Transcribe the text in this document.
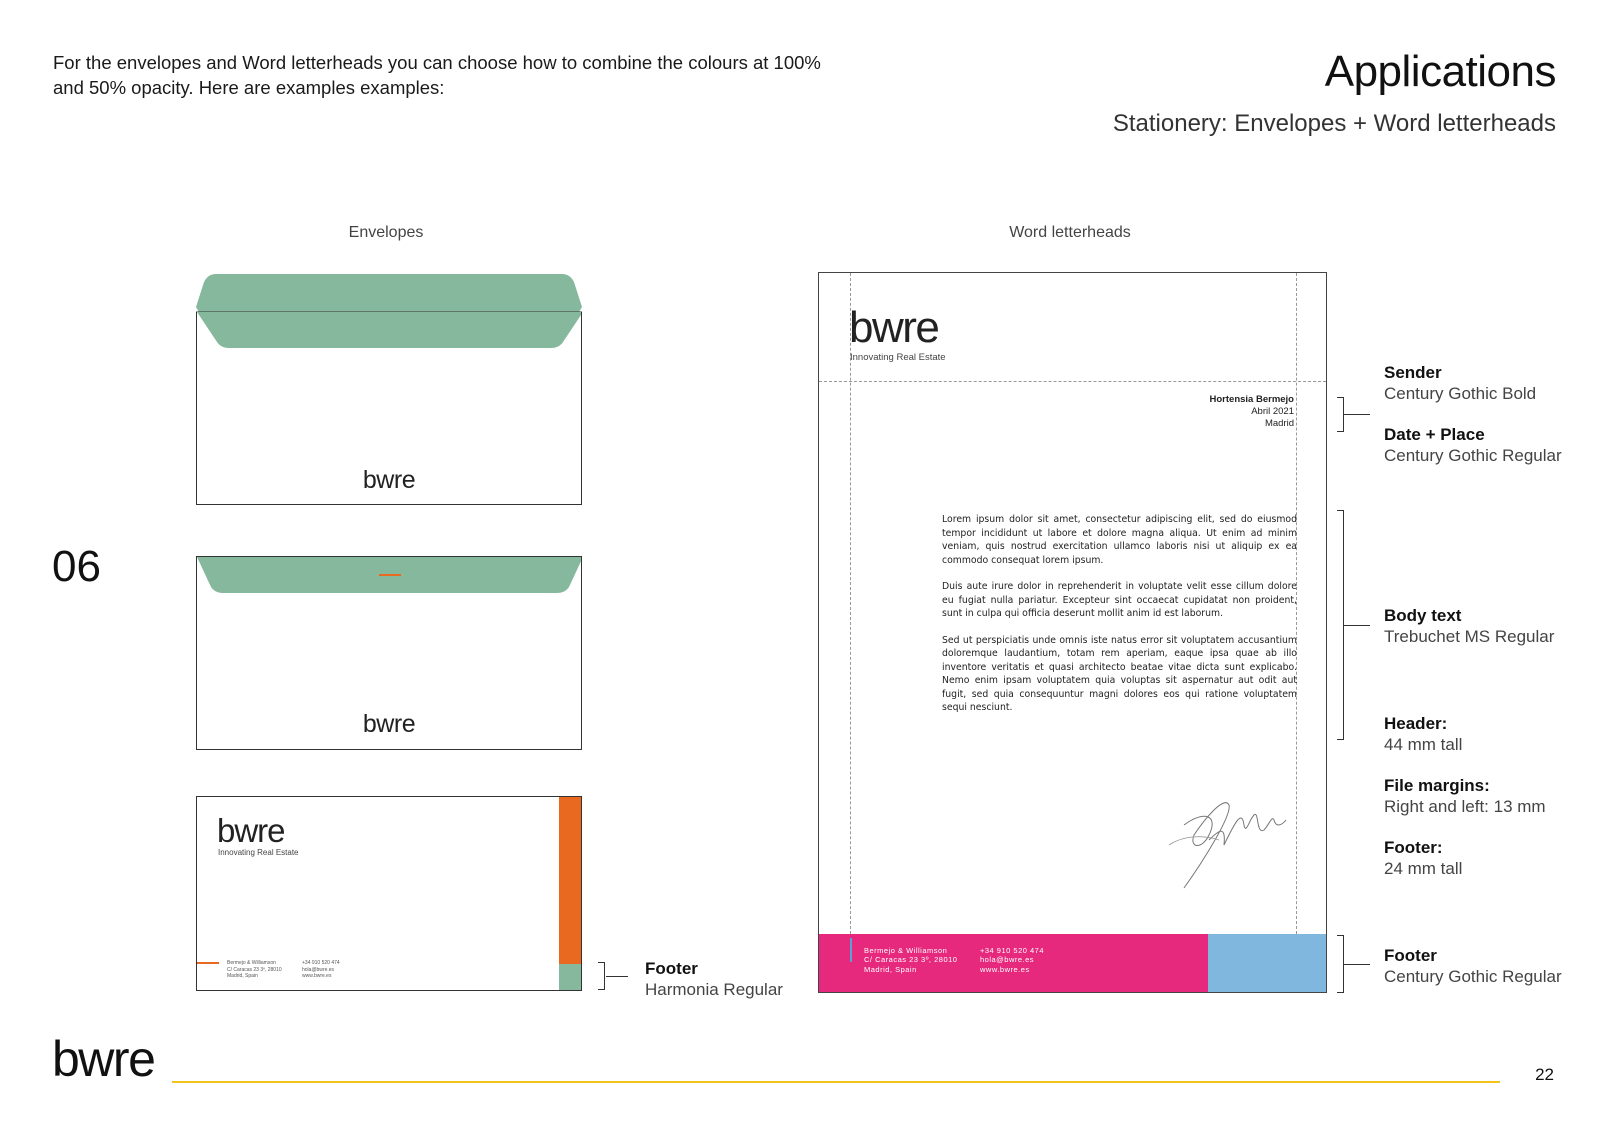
For the envelopes and Word letterheads you can choose how to combine the colours at 100% and 50% opacity. Here are examples examples:	Applications
Stationery: Envelopes + Word letterheads
06
Envelopes	Word letterheads
bwre
bwre
bwre
Innovating Real Estate
Bermejo & Williamson
C/ Caracas 23 3º, 28010
Madrid, Spain
+34 910 520 474
hola@bwre.es
www.bwre.es	Footer
Harmonia Regular
bwre
Innovating Real Estate
Hortensia Bermejo
Abril 2021
Madrid

Lorem ipsum dolor sit amet, consectetur adipiscing elit, sed do eiusmod tempor incididunt ut labore et dolore magna aliqua. Ut enim ad minim veniam, quis nostrud exercitation ullamco laboris nisi ut aliquip ex ea commodo consequat lorem ipsum.

Duis aute irure dolor in reprehenderit in voluptate velit esse cillum dolore eu fugiat nulla pariatur. Excepteur sint occaecat cupidatat non proident, sunt in culpa qui officia deserunt mollit anim id est laborum.

Sed ut perspiciatis unde omnis iste natus error sit voluptatem accusantium doloremque laudantium, totam rem aperiam, eaque ipsa quae ab illo inventore veritatis et quasi architecto beatae vitae dicta sunt explicabo. Nemo enim ipsam voluptatem quia voluptas sit aspernatur aut odit aut fugit, sed quia consequuntur magni dolores eos qui ratione voluptatem sequi nesciunt.

Bermejo & Williamson
C/ Caracas 23 3º, 28010
Madrid, Spain
+34 910 520 474
hola@bwre.es
www.bwre.es
Sender
Century Gothic Bold
Date + Place
Century Gothic Regular
Body text
Trebuchet MS Regular
Header:
44 mm tall
File margins:
Right and left: 13 mm
Footer:
24 mm tall
Footer
Century Gothic Regular
bwre	22
